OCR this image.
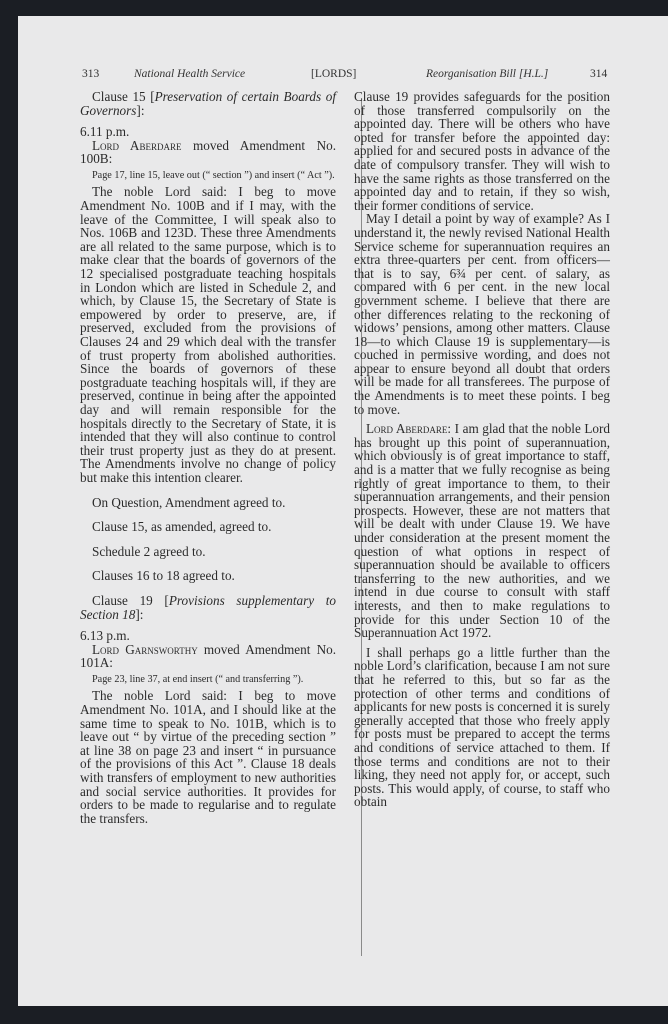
313	National Health Service	[LORDS]	Reorganisation Bill [H.L.]	314

Clause 15 [Preservation of certain Boards of Governors]:

6.11 p.m.

Lord Aberdare moved Amendment No. 100B:

Page 17, line 15, leave out (“ section ”) and insert (“ Act ”).

The noble Lord said: I beg to move Amendment No. 100B and if I may, with the leave of the Committee, I will speak also to Nos. 106B and 123D. These three Amendments are all related to the same purpose, which is to make clear that the boards of governors of the 12 specialised postgraduate teaching hospitals in London which are listed in Schedule 2, and which, by Clause 15, the Secretary of State is empowered by order to preserve, are, if preserved, excluded from the provisions of Clauses 24 and 29 which deal with the transfer of trust property from abolished authorities. Since the boards of governors of these postgraduate teaching hospitals will, if they are preserved, continue in being after the appointed day and will remain responsible for the hospitals directly to the Secretary of State, it is intended that they will also continue to control their trust property just as they do at present. The Amendments involve no change of policy but make this intention clearer.

On Question, Amendment agreed to.

Clause 15, as amended, agreed to.

Schedule 2 agreed to.

Clauses 16 to 18 agreed to.

Clause 19 [Provisions supplementary to Section 18]:

6.13 p.m.

Lord Garnsworthy moved Amendment No. 101A:

Page 23, line 37, at end insert (“ and transferring ”).

The noble Lord said: I beg to move Amendment No. 101A, and I should like at the same time to speak to No. 101B, which is to leave out “ by virtue of the preceding section ” at line 38 on page 23 and insert “ in pursuance of the provisions of this Act ”. Clause 18 deals with transfers of employment to new authorities and social service authorities. It provides for orders to be made to regularise and to regulate the transfers.

Clause 19 provides safeguards for the position of those transferred compulsorily on the appointed day. There will be others who have opted for transfer before the appointed day: applied for and secured posts in advance of the date of compulsory transfer. They will wish to have the same rights as those transferred on the appointed day and to retain, if they so wish, their former conditions of service.

May I detail a point by way of example? As I understand it, the newly revised National Health Service scheme for superannuation requires an extra three-quarters per cent. from officers—that is to say, 6¾ per cent. of salary, as compared with 6 per cent. in the new local government scheme. I believe that there are other differences relating to the reckoning of widows’ pensions, among other matters. Clause 18—to which Clause 19 is supplementary—is couched in permissive wording, and does not appear to ensure beyond all doubt that orders will be made for all transferees. The purpose of the Amendments is to meet these points. I beg to move.

Lord Aberdare: I am glad that the noble Lord has brought up this point of superannuation, which obviously is of great importance to staff, and is a matter that we fully recognise as being rightly of great importance to them, to their superannuation arrangements, and their pension prospects. However, these are not matters that will be dealt with under Clause 19. We have under consideration at the present moment the question of what options in respect of superannuation should be available to officers transferring to the new authorities, and we intend in due course to consult with staff interests, and then to make regulations to provide for this under Section 10 of the Superannuation Act 1972.

I shall perhaps go a little further than the noble Lord’s clarification, because I am not sure that he referred to this, but so far as the protection of other terms and conditions of applicants for new posts is concerned it is surely generally accepted that those who freely apply for posts must be prepared to accept the terms and conditions of service attached to them. If those terms and conditions are not to their liking, they need not apply for, or accept, such posts. This would apply, of course, to staff who obtain
